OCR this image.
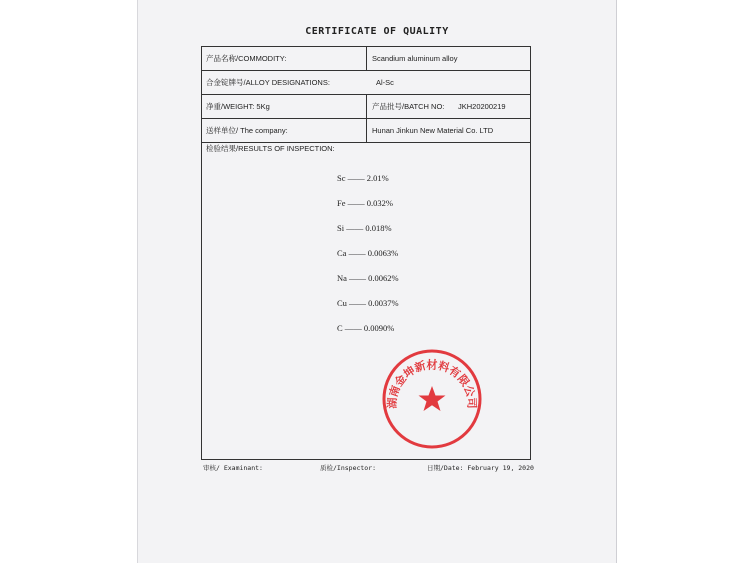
CERTIFICATE OF QUALITY
产品名称/COMMODITY:	Scandium aluminum alloy
合金锭牌号/ALLOY DESIGNATIONS:	Al-Sc
净重/WEIGHT: 5Kg	产品批号/BATCH NO: JKH20200219
送样单位/ The company:	Hunan Jinkun New Material Co. LTD
检验结果/RESULTS OF INSPECTION:
Sc —— 2.01%
Fe —— 0.032%
Si —— 0.018%
Ca —— 0.0063%
Na —— 0.0062%
Cu —— 0.0037%
C —— 0.0090%
湖南金坤新材料有限公司
审核/ Examinant:	质检/Inspector:	日期/Date: February 19, 2020
